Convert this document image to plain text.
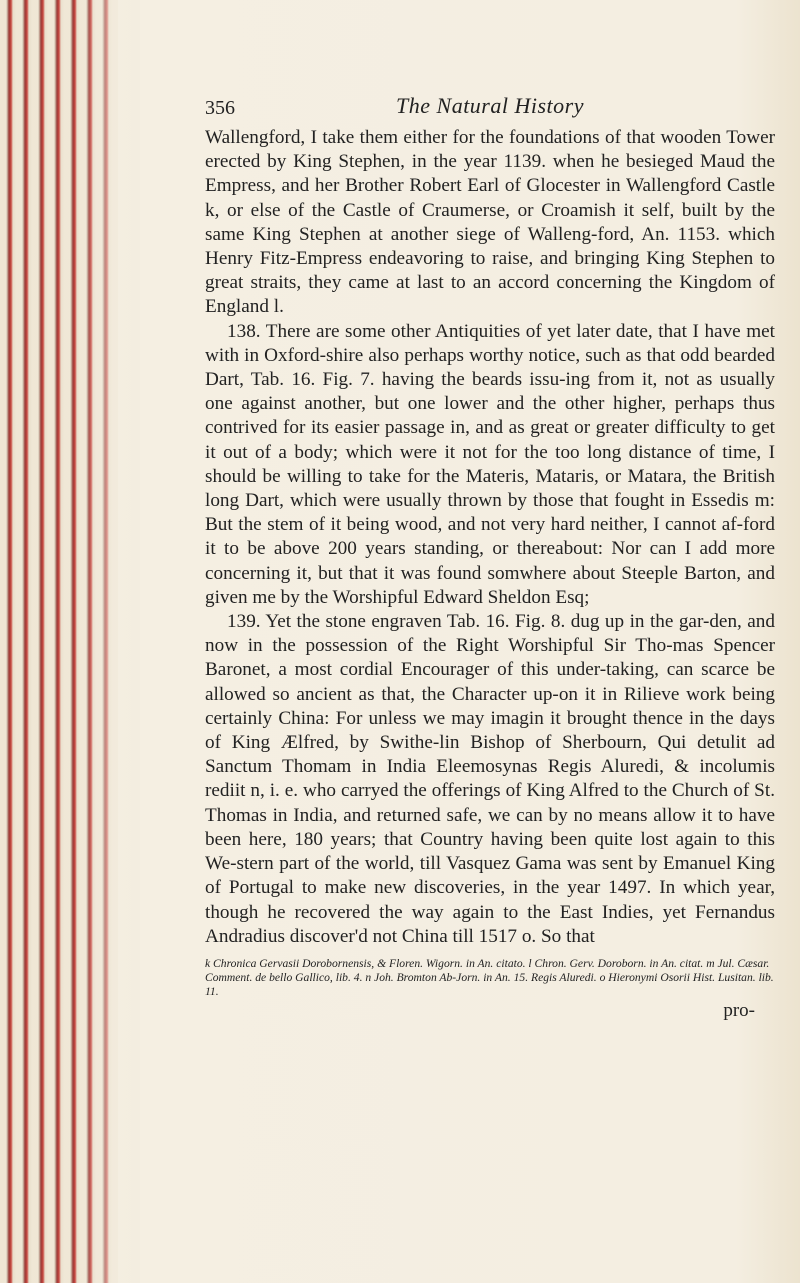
356	The Natural History

Wallengford, I take them either for the foundations of that wooden Tower erected by King Stephen, in the year 1139. when he besieged Maud the Empress, and her Brother Robert Earl of Glocester in Wallengford Castle k, or else of the Castle of Craumerse, or Croamish it self, built by the same King Stephen at another siege of Walleng-ford, An. 1153. which Henry Fitz-Empress endeavoring to raise, and bringing King Stephen to great straits, they came at last to an accord concerning the Kingdom of England l.

138. There are some other Antiquities of yet later date, that I have met with in Oxford-shire also perhaps worthy notice, such as that odd bearded Dart, Tab. 16. Fig. 7. having the beards issu-ing from it, not as usually one against another, but one lower and the other higher, perhaps thus contrived for its easier passage in, and as great or greater difficulty to get it out of a body; which were it not for the too long distance of time, I should be willing to take for the Materis, Mataris, or Matara, the British long Dart, which were usually thrown by those that fought in Essedis m: But the stem of it being wood, and not very hard neither, I cannot af-ford it to be above 200 years standing, or thereabout: Nor can I add more concerning it, but that it was found somwhere about Steeple Barton, and given me by the Worshipful Edward Sheldon Esq;

139. Yet the stone engraven Tab. 16. Fig. 8. dug up in the gar-den, and now in the possession of the Right Worshipful Sir Tho-mas Spencer Baronet, a most cordial Encourager of this under-taking, can scarce be allowed so ancient as that, the Character up-on it in Rilieve work being certainly China: For unless we may imagin it brought thence in the days of King Ælfred, by Swithe-lin Bishop of Sherbourn, Qui detulit ad Sanctum Thomam in India Eleemosynas Regis Aluredi, & incolumis rediit n, i. e. who carryed the offerings of King Alfred to the Church of St. Thomas in India, and returned safe, we can by no means allow it to have been here, 180 years; that Country having been quite lost again to this We-stern part of the world, till Vasquez Gama was sent by Emanuel King of Portugal to make new discoveries, in the year 1497. In which year, though he recovered the way again to the East Indies, yet Fernandus Andradius discover'd not China till 1517 o. So that

k Chronica Gervasii Dorobornensis, & Floren. Wigorn. in An. citato. l Chron. Gerv. Doroborn. in An. citat. m Jul. Cæsar. Comment. de bello Gallico, lib. 4. n Joh. Bromton Ab-Jorn. in An. 15. Regis Aluredi. o Hieronymi Osorii Hist. Lusitan. lib. 11.
pro-
